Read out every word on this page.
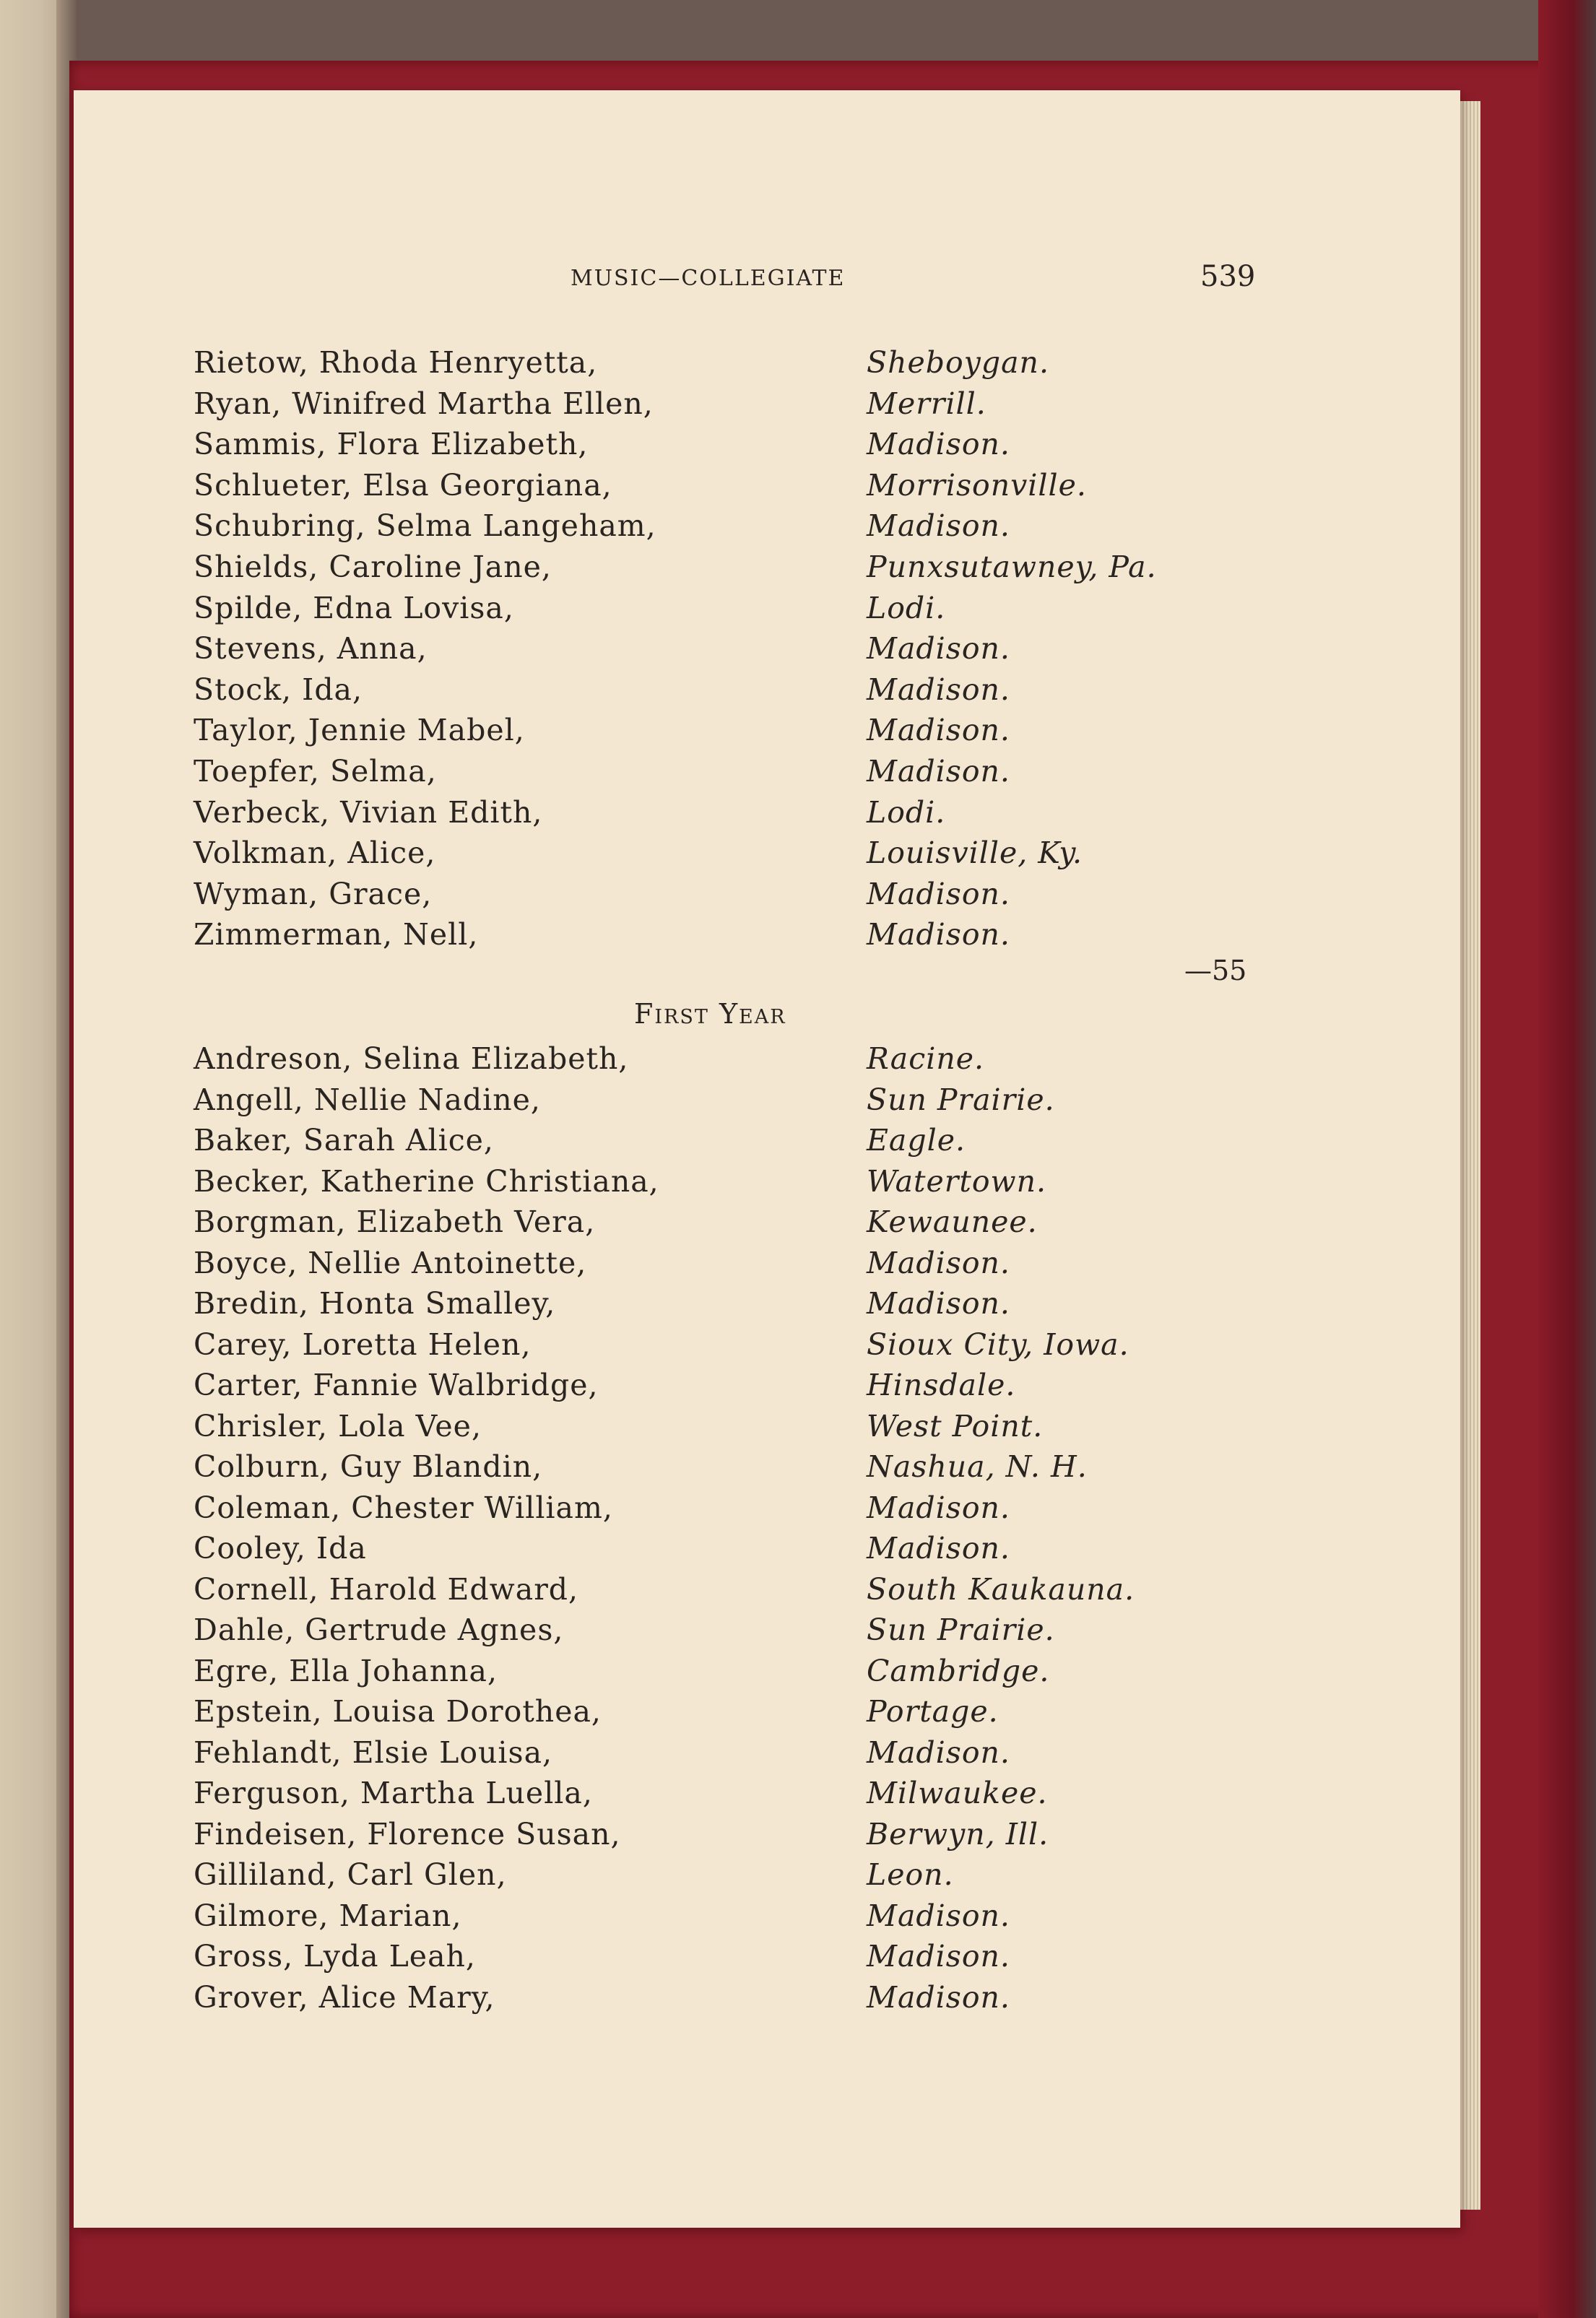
MUSIC—COLLEGIATE	539
Rietow, Rhoda Henryetta,	Sheboygan.
Ryan, Winifred Martha Ellen,	Merrill.
Sammis, Flora Elizabeth,	Madison.
Schlueter, Elsa Georgiana,	Morrisonville.
Schubring, Selma Langeham,	Madison.
Shields, Caroline Jane,	Punxsutawney, Pa.
Spilde, Edna Lovisa,	Lodi.
Stevens, Anna,	Madison.
Stock, Ida,	Madison.
Taylor, Jennie Mabel,	Madison.
Toepfer, Selma,	Madison.
Verbeck, Vivian Edith,	Lodi.
Volkman, Alice,	Louisville, Ky.
Wyman, Grace,	Madison.
Zimmerman, Nell,	Madison.
—55
First Year
Andreson, Selina Elizabeth,	Racine.
Angell, Nellie Nadine,	Sun Prairie.
Baker, Sarah Alice,	Eagle.
Becker, Katherine Christiana,	Watertown.
Borgman, Elizabeth Vera,	Kewaunee.
Boyce, Nellie Antoinette,	Madison.
Bredin, Honta Smalley,	Madison.
Carey, Loretta Helen,	Sioux City, Iowa.
Carter, Fannie Walbridge,	Hinsdale.
Chrisler, Lola Vee,	West Point.
Colburn, Guy Blandin,	Nashua, N. H.
Coleman, Chester William,	Madison.
Cooley, Ida	Madison.
Cornell, Harold Edward,	South Kaukauna.
Dahle, Gertrude Agnes,	Sun Prairie.
Egre, Ella Johanna,	Cambridge.
Epstein, Louisa Dorothea,	Portage.
Fehlandt, Elsie Louisa,	Madison.
Ferguson, Martha Luella,	Milwaukee.
Findeisen, Florence Susan,	Berwyn, Ill.
Gilliland, Carl Glen,	Leon.
Gilmore, Marian,	Madison.
Gross, Lyda Leah,	Madison.
Grover, Alice Mary,	Madison.
